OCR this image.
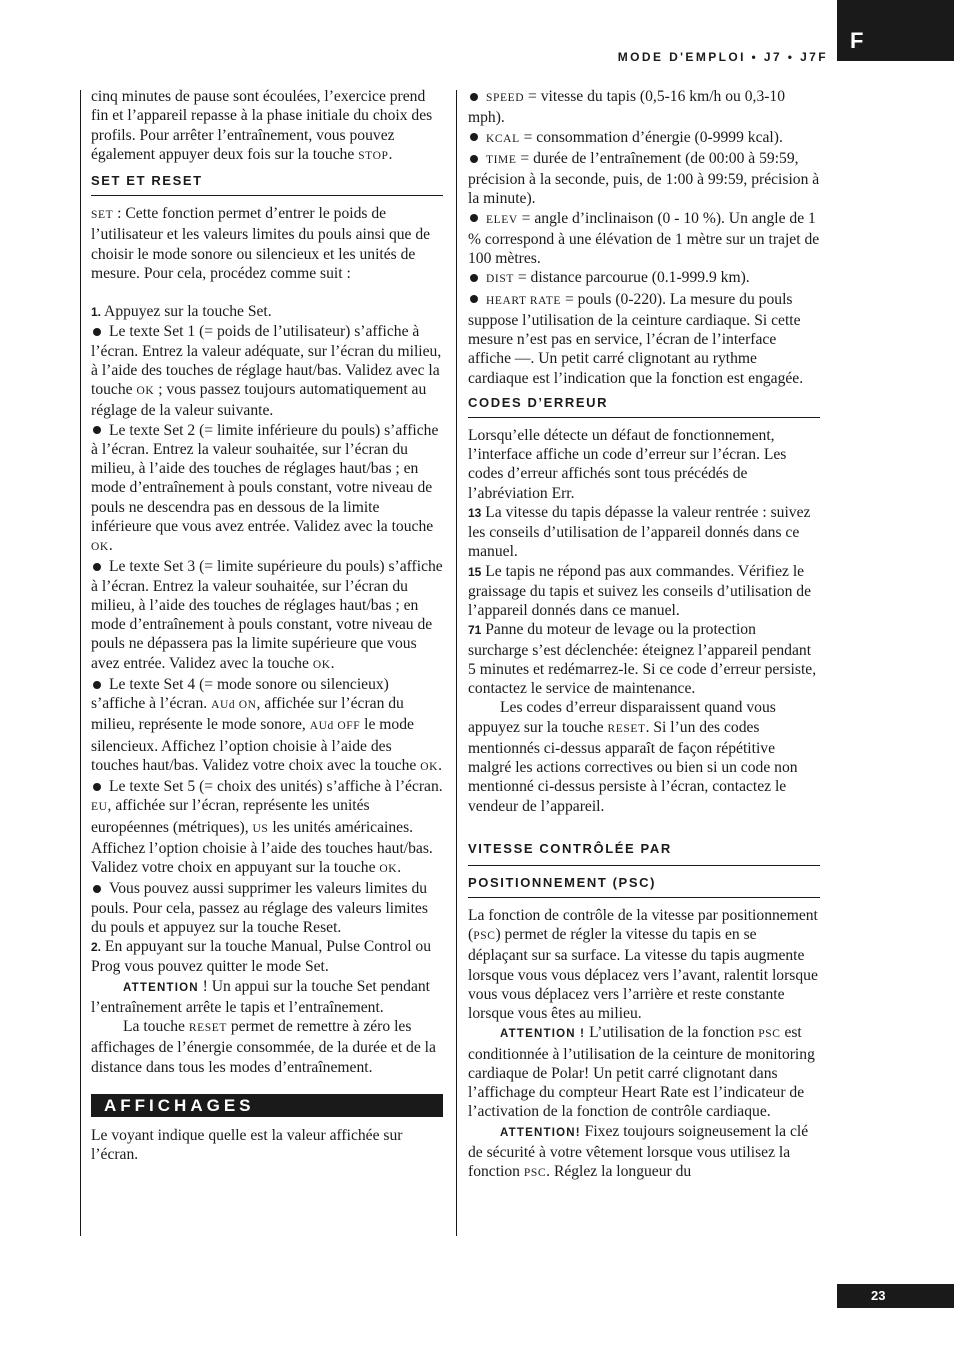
F
MODE D'EMPLOI • J7 • J7F

cinq minutes de pause sont écoulées, l’exercice prend fin et l’appareil repasse à la phase initiale du choix des profils. Pour arrêter l’entraînement, vous pouvez également appuyer deux fois sur la touche STOP.

SET ET RESET

SET : Cette fonction permet d’entrer le poids de l’utilisateur et les valeurs limites du pouls ainsi que de choisir le mode sonore ou silencieux et les unités de mesure. Pour cela, procédez comme suit :

1. Appuyez sur la touche Set.

Le texte Set 1 (= poids de l’utilisateur) s’affiche à l’écran. Entrez la valeur adéquate, sur l’écran du milieu, à l’aide des touches de réglage haut/bas. Validez avec la touche OK ; vous passez toujours automatiquement au réglage de la valeur suivante.

Le texte Set 2 (= limite inférieure du pouls) s’affiche à l’écran. Entrez la valeur souhaitée, sur l’écran du milieu, à l’aide des touches de réglages haut/bas ; en mode d’entraînement à pouls constant, votre niveau de pouls ne descendra pas en dessous de la limite inférieure que vous avez entrée. Validez avec la touche OK.

Le texte Set 3 (= limite supérieure du pouls) s’affiche à l’écran. Entrez la valeur souhaitée, sur l’écran du milieu, à l’aide des touches de réglages haut/bas ; en mode d’entraînement à pouls constant, votre niveau de pouls ne dépassera pas la limite supérieure que vous avez entrée. Validez avec la touche OK.

Le texte Set 4 (= mode sonore ou silencieux) s’affiche à l’écran. AUd ON, affichée sur l’écran du milieu, représente le mode sonore, AUd OFF le mode silencieux. Affichez l’option choisie à l’aide des touches haut/bas. Validez votre choix avec la touche OK.

Le texte Set 5 (= choix des unités) s’affiche à l’écran. EU, affichée sur l’écran, représente les unités européennes (métriques), US les unités américaines. Affichez l’option choisie à l’aide des touches haut/bas. Validez votre choix en appuyant sur la touche OK.

Vous pouvez aussi supprimer les valeurs limites du pouls. Pour cela, passez au réglage des valeurs limites du pouls et appuyez sur la touche Reset.

2. En appuyant sur la touche Manual, Pulse Control ou Prog vous pouvez quitter le mode Set.

ATTENTION ! Un appui sur la touche Set pendant l’entraînement arrête le tapis et l’entraînement.

La touche RESET permet de remettre à zéro les affichages de l’énergie consommée, de la durée et de la distance dans tous les modes d’entraînement.

AFFICHAGES

Le voyant indique quelle est la valeur affichée sur l’écran.

SPEED = vitesse du tapis (0,5-16 km/h ou 0,3-10 mph).

KCAL = consommation d’énergie (0-9999 kcal).

TIME = durée de l’entraînement (de 00:00 à 59:59, précision à la seconde, puis, de 1:00 à 99:59, précision à la minute).

ELEV = angle d’inclinaison (0 - 10 %). Un angle de 1 % correspond à une élévation de 1 mètre sur un trajet de 100 mètres.

DIST = distance parcourue (0.1-999.9 km).

HEART RATE = pouls (0-220). La mesure du pouls suppose l’utilisation de la ceinture cardiaque. Si cette mesure n’est pas en service, l’écran de l’interface affiche —. Un petit carré clignotant au rythme cardiaque est l’indication que la fonction est engagée.

CODES D’ERREUR

Lorsqu’elle détecte un défaut de fonctionnement, l’interface affiche un code d’erreur sur l’écran. Les codes d’erreur affichés sont tous précédés de l’abréviation Err.

13 La vitesse du tapis dépasse la valeur rentrée : suivez les conseils d’utilisation de l’appareil donnés dans ce manuel.

15 Le tapis ne répond pas aux commandes. Vérifiez le graissage du tapis et suivez les conseils d’utilisation de l’appareil donnés dans ce manuel.

71 Panne du moteur de levage ou la protection surcharge s’est déclenchée: éteignez l’appareil pendant 5 minutes et redémarrez-le. Si ce code d’erreur persiste, contactez le service de maintenance.

Les codes d’erreur disparaissent quand vous appuyez sur la touche RESET. Si l’un des codes mentionnés ci-dessus apparaît de façon répétitive malgré les actions correctives ou bien si un code non mentionné ci-dessus persiste à l’écran, contactez le vendeur de l’appareil.

VITESSE CONTRÔLÉE PAR
POSITIONNEMENT (PSC)

La fonction de contrôle de la vitesse par positionnement (PSC) permet de régler la vitesse du tapis en se déplaçant sur sa surface. La vitesse du tapis augmente lorsque vous vous déplacez vers l’avant, ralentit lorsque vous vous déplacez vers l’arrière et reste constante lorsque vous êtes au milieu.

ATTENTION ! L’utilisation de la fonction PSC est conditionnée à l’utilisation de la ceinture de monitoring cardiaque de Polar! Un petit carré clignotant dans l’affichage du compteur Heart Rate est l’indicateur de l’activation de la fonction de contrôle cardiaque.

ATTENTION! Fixez toujours soigneusement la clé de sécurité à votre vêtement lorsque vous utilisez la fonction PSC. Réglez la longueur du

23
